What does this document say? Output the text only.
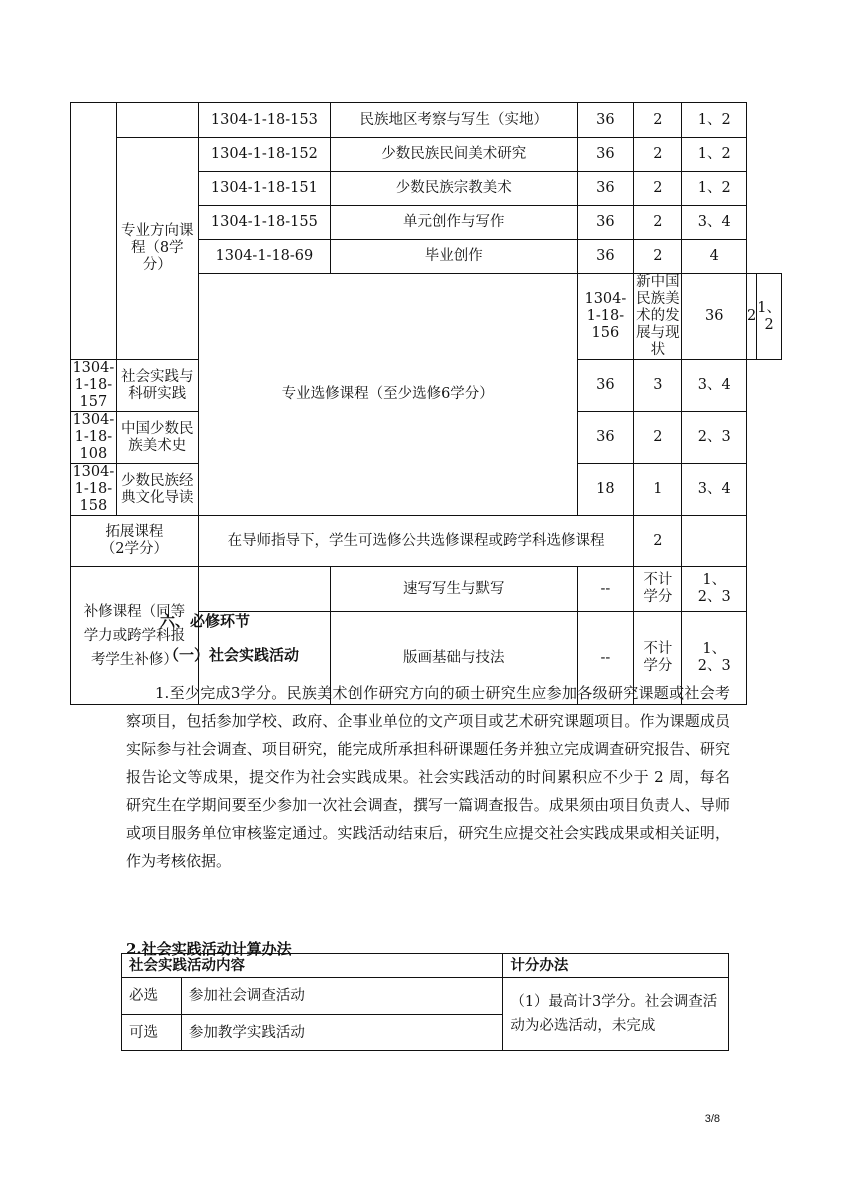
		1304-1-18-153	民族地区考察与写生（实地）	36	2	1、2		

	专业方向课程（8学分）	1304-1-18-152	少数民族民间美术研究	36	2	1、2		
		1304-1-18-151	少数民族宗教美术	36	2	1、2		
		1304-1-18-155	单元创作与写作	36	2	3、4		
		1304-1-18-69	毕业创作	36	2	4		

		专业选修课程（至少选修6学分）		1304-1-18-156	新中国民族美术的发展与现状	36	2	1、2
1304-1-18-157	社会实践与科研实践			36	3	3、4		
1304-1-18-108	中国少数民族美术史			36	2	2、3		
1304-1-18-158	少数民族经典文化导读			18	1	3、4		

拓展课程（2学分）		在导师指导下，学生可选修公共选修课程或跨学科选修课程			2			

补修课程（同等学力或跨学科报考学生补修）			速写写生与默写	--	不计学分	1、2、3		

			版画基础与技法	--	不计学分	1、2、3		
六、必修环节
（一）社会实践活动

1.至少完成3学分。民族美术创作研究方向的硕士研究生应参加各级研究课题或社会考察项目，包括参加学校、政府、企事业单位的文产项目或艺术研究课题项目。作为课题成员实际参与社会调查、项目研究，能完成所承担科研课题任务并独立完成调查研究报告、研究报告论文等成果，提交作为社会实践成果。社会实践活动的时间累积应不少于 2 周，每名研究生在学期间要至少参加一次社会调查，撰写一篇调查报告。成果须由项目负责人、导师或项目服务单位审核鉴定通过。实践活动结束后，研究生应提交社会实践成果或相关证明，作为考核依据。

2.社会实践活动计算办法
社会实践活动内容		计分办法
必选	参加社会调查活动	（1）最高计3学分。社会调查活动为必选活动，未完成
可选	参加教学实践活动	
3/8
